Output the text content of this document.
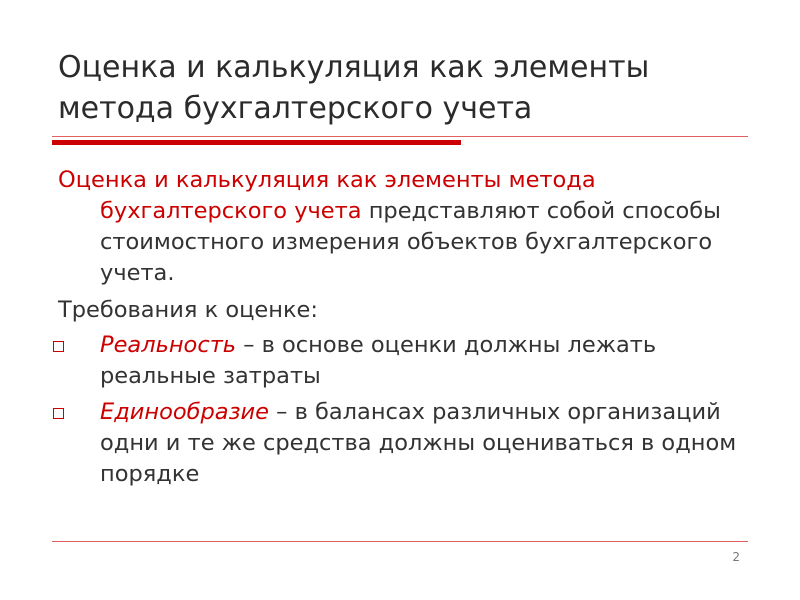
Оценка и калькуляция как элементы
метода бухгалтерского учета

Оценка и калькуляция как элементы метода бухгалтерского учета представляют собой способы стоимостного измерения объектов бухгалтерского учета.

Требования к оценке:

Реальность – в основе оценки должны лежать реальные затраты
Единообразие – в балансах различных организаций одни и те же средства должны оцениваться в одном порядке
2
